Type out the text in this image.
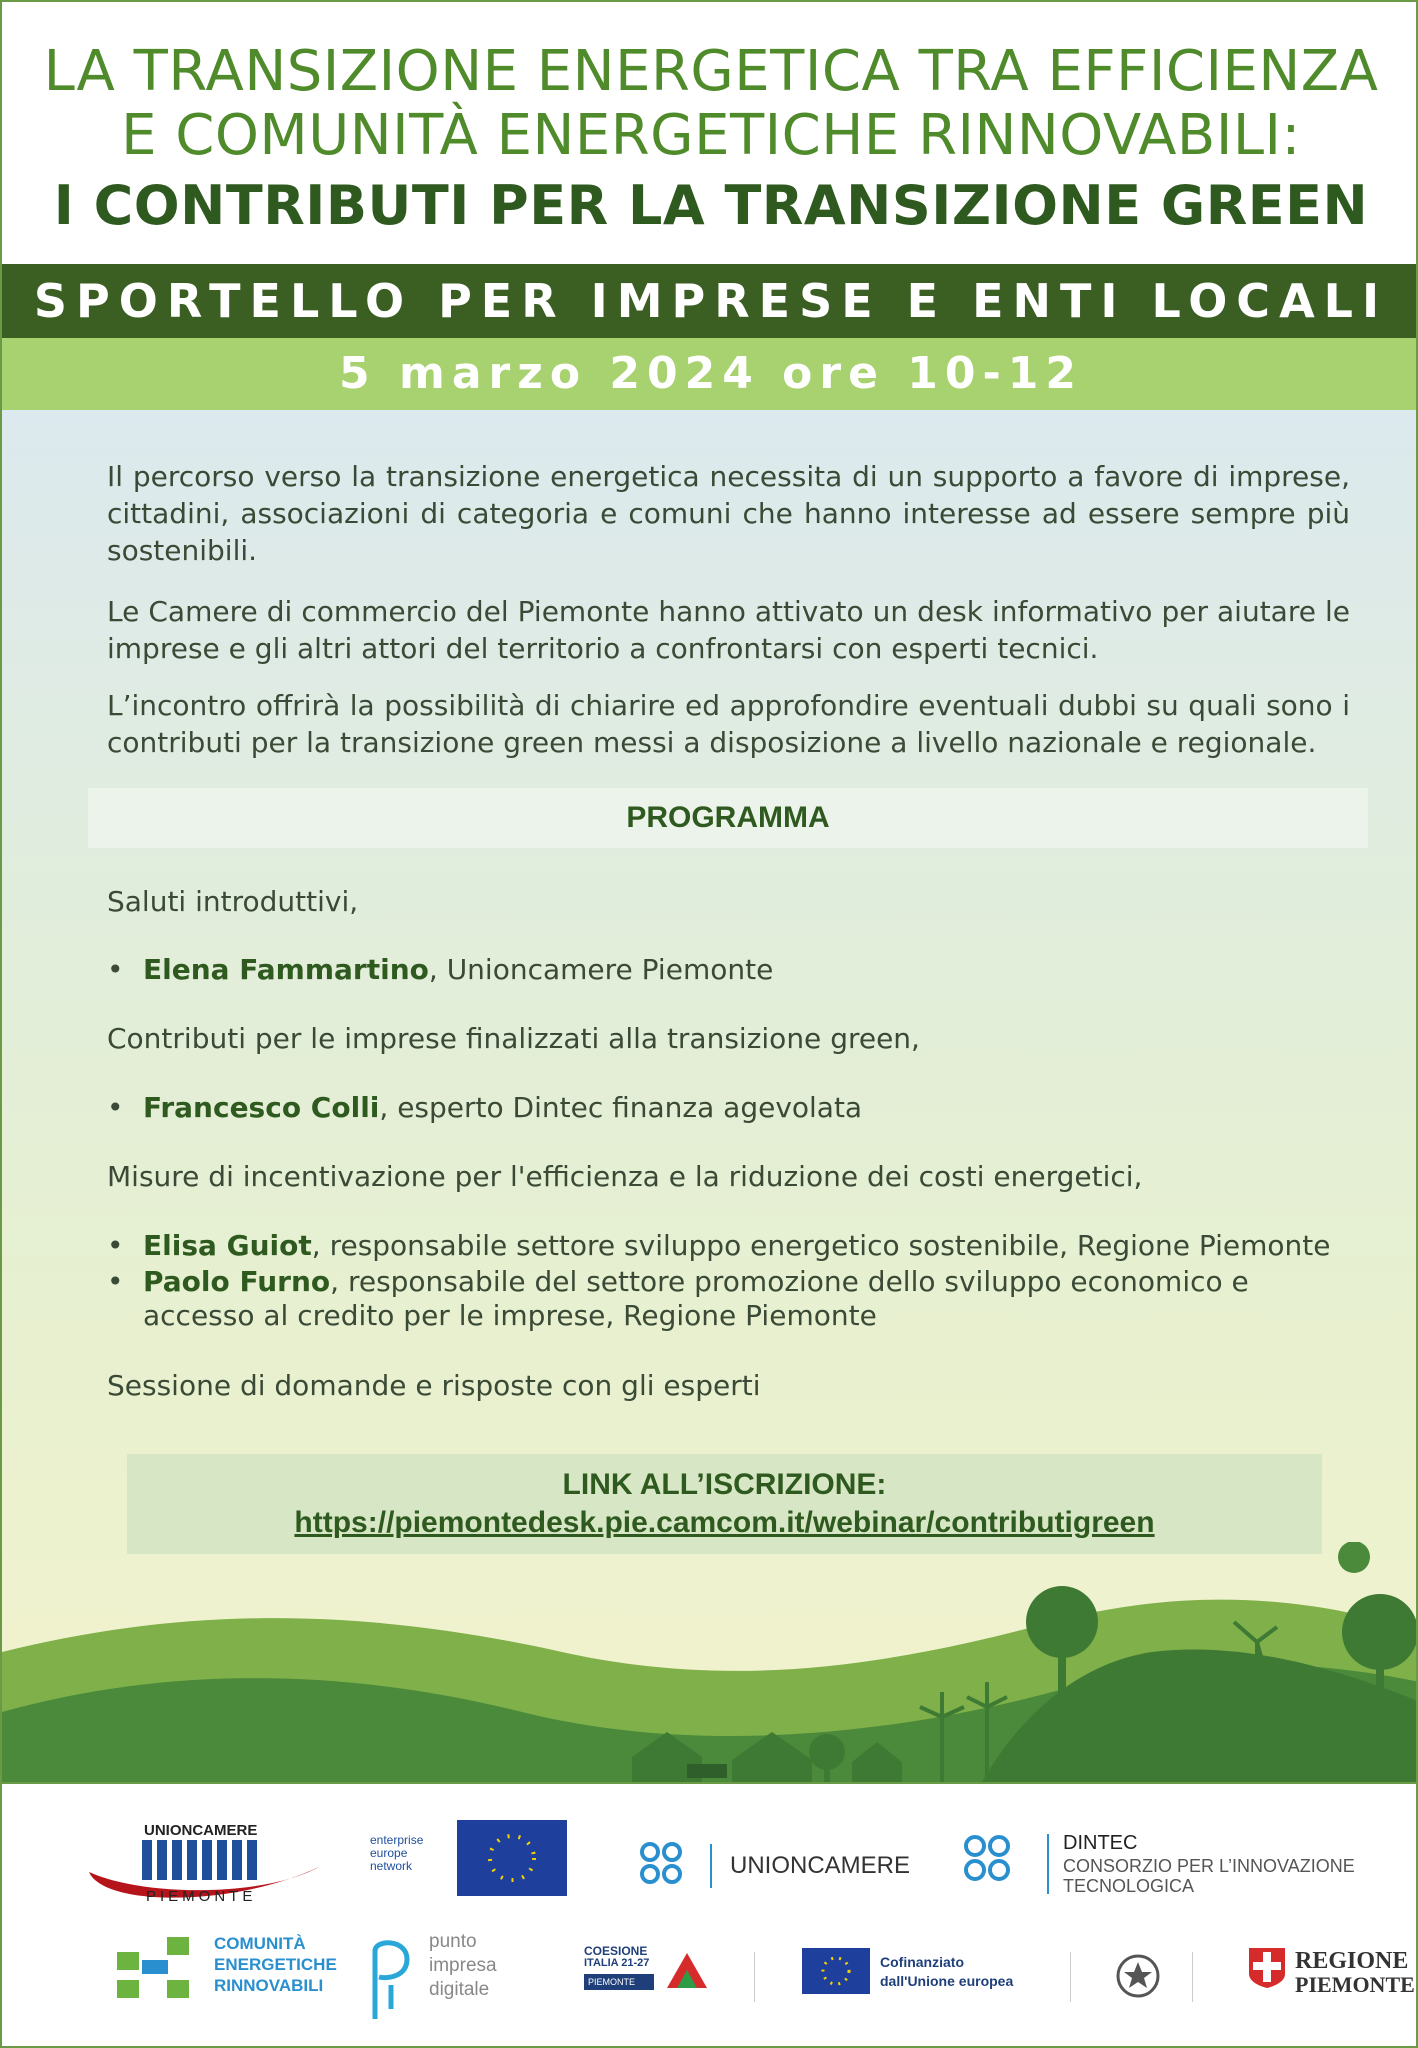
LA TRANSIZIONE ENERGETICA TRA EFFICIENZA
E COMUNITÀ ENERGETICHE RINNOVABILI:
I CONTRIBUTI PER LA TRANSIZIONE GREEN
SPORTELLO PER IMPRESE E ENTI LOCALI
5 marzo 2024 ore 10-12

Il percorso verso la transizione energetica necessita di un supporto a favore di imprese, cittadini, associazioni di categoria e comuni che hanno interesse ad essere sempre più sostenibili.

Le Camere di commercio del Piemonte hanno attivato un desk informativo per aiutare le imprese e gli altri attori del territorio a confrontarsi con esperti tecnici.

L’incontro offrirà la possibilità di chiarire ed approfondire eventuali dubbi su quali sono i contributi per la transizione green messi a disposizione a livello nazionale e regionale.

PROGRAMMA
Saluti introduttivi,
• Elena Fammartino, Unioncamere Piemonte
Contributi per le imprese finalizzati alla transizione green,
• Francesco Colli, esperto Dintec finanza agevolata
Misure di incentivazione per l'efficienza e la riduzione dei costi energetici,
• Elisa Guiot, responsabile settore sviluppo energetico sostenibile, Regione Piemonte
• Paolo Furno, responsabile del settore promozione dello sviluppo economico e
accesso al credito per le imprese, Regione Piemonte
Sessione di domande e risposte con gli esperti
LINK ALL’ISCRIZIONE:
https://piemontedesk.pie.camcom.it/webinar/contributigreen
UNIONCAMERE
PIEMONTE
enterprise europe network	UNIONCAMERE
DINTEC
CONSORZIO PER L’INNOVAZIONE
TECNOLOGICA
COMUNITÀ
ENERGETICHE
RINNOVABILI
punto
impresa
digitale
COESIONE
ITALIA 21-27
PIEMONTE
Cofinanziato
dall'Unione europea
REGIONE
PIEMONTE
